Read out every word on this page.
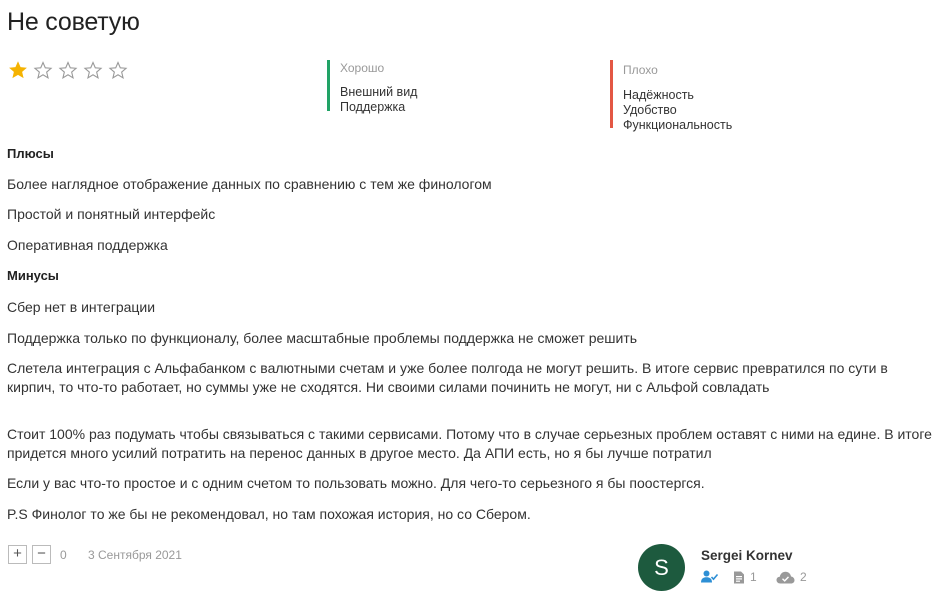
Не советую
Хорошо
Внешний вид
Поддержка
Плохо
Надёжность
Удобство
Функциональность
Плюсы
Более наглядное отображение данных по сравнению с тем же финологом
Простой и понятный интерфейс
Оперативная поддержка
Минусы
Сбер нет в интеграции
Поддержка только по функционалу, более масштабные проблемы поддержка не сможет решить
Слетела интеграция с Альфабанком с валютными счетам и уже более полгода не могут решить. В итоге сервис превратился по сути в кирпич, то что-то работает, но суммы уже не сходятся. Ни своими силами починить не могут, ни с Альфой совладать
Стоит 100% раз подумать чтобы связываться с такими сервисами. Потому что в случае серьезных проблем оставят с ними на едине. В итоге придется много усилий потратить на перенос данных в другое место. Да АПИ есть, но я бы лучше потратил
Если у вас что-то простое и с одним счетом то пользовать можно. Для чего-то серьезного я бы поостергся.
P.S Финолог то же бы не рекомендовал, но там похожая история, но со Сбером.
+	−	0 3 Сентября 2021	S	Sergei Kornev
1	2
